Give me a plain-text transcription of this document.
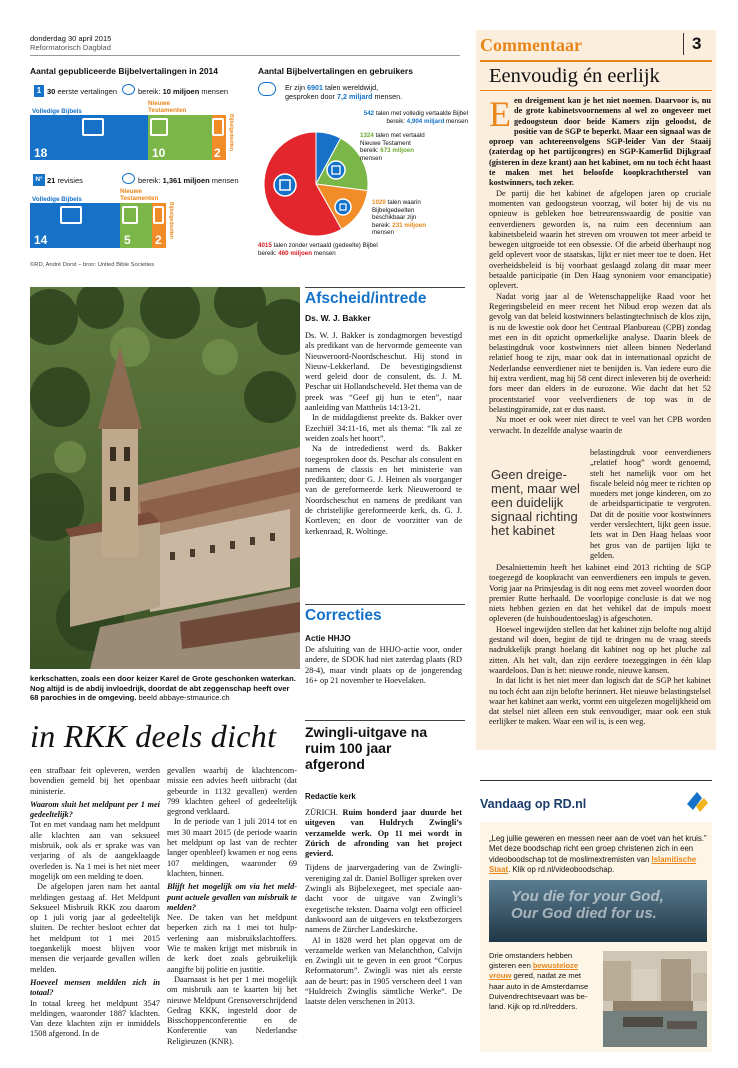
donderdag 30 april 2015
Reformatorisch Dagblad
Aantal gepubliceerde Bijbelvertalingen in 2014
1 30 eerste vertalingen	bereik: 10 miljoen mensen
Volledige Bijbels
Nieuwe Testamenten
18	10	2
Bijbelgedeelten
N° 21 revisies	bereik: 1,361 miljoen mensen
Volledige Bijbels
Nieuwe Testamenten
14	5 2
Bijbelgedeelten
©RD, André Dorst – bron: United Bible Societies
Aantal Bijbelvertalingen en gebruikers
Er zijn 6901 talen wereldwijd,
gesproken door 7,2 miljard mensen.
542 talen met volledig vertaalde Bijbel
bereik: 4,904 miljard mensen
1324 talen met vertaald
Nieuwe Testament
bereik: 673 miljoen
mensen
1020 talen waarin
Bijbelgedeelten
beschikbaar zijn
bereik: 231 miljoen
mensen
4015 talen zonder vertaald (gedeelte) Bijbel
bereik: 460 miljoen mensen
kerkschatten, zoals een door keizer Karel de Grote geschonken waterkan. Nog altijd is de abdij invloedrijk, doordat de abt zeggenschap heeft over 68 parochies in de omgeving. beeld abbaye-stmaurice.ch
Afscheid/intrede
Ds. W. J. Bakker

Ds. W. J. Bakker is zondagmorgen bevestigd als predikant van de hervormde gemeente van Nieuweroord-Noordscheschut. Hij stond in Nieuw-Lekkerland. De bevestigingsdienst werd geleid door de consulent, ds. J. M. Peschar uit Hollandscheveld. Het thema van de preek was “Geef gij hun te eten”, naar aanleiding van Mattheüs 14:13-21.

In de middagdienst preekte ds. Bakker over Ezechiël 34:11-16, met als thema: “Ik zal ze weiden zoals het hoort”.

Na de intrededienst werd ds. Bakker toegesproken door ds. Peschar als consulent en namens de classis en het ministerie van predikanten; door G. J. Heinen als voorganger van de gereformeerde kerk Nieuweroord te Noordscheschut en namens de predikant van de christelijke gereformeerde kerk, ds. G. J. Kortleven; en door de voorzitter van de kerkenraad, R. Woltinge.

Correcties
Actie HHJO

De afsluiting van de HHJO-actie voor, onder andere, de SDOK had niet zaterdag plaats (RD 28-4), maar vindt plaats op de jongerendag 16+ op 21 november te Hoevelaken.

in RKK deels dicht

een strafbaar feit opleveren, werden bovendien gemeld bij het openbaar ministerie.

Waarom sluit het meldpunt per 1 mei gedeeltelijk?

Tot en met vandaag nam het meldpunt alle klachten aan van seksueel misbruik, ook als er sprake was van verjaring of als de aangeklaagde overleden is. Na 1 mei is het niet meer mogelijk om een melding te doen.

De afgelopen jaren nam het aantal meldingen gestaag af. Het Meldpunt Seksueel Misbruik RKK zou daarom op 1 juli vorig jaar al gedeeltelijk sluiten. De rechter besloot echter dat het meldpunt tot 1 mei 2015 toegankelijk moest blijven voor mensen die verjaarde gevallen willen melden.

Hoeveel mensen meldden zich in totaal?

In totaal kreeg het meldpunt 3547 meldingen, waaronder 1887 klachten. Van deze klachten zijn er inmiddels 1508 afgerond. In de

gevallen waarbij de klachtencommissie een advies heeft uitbracht (dat gebeurde in 1132 gevallen) werden 799 klachten geheel of gedeeltelijk gegrond verklaard.

In de periode van 1 juli 2014 tot en met 30 maart 2015 (de periode waarin het meldpunt op last van de rechter langer openbleef) kwamen er nog eens 107 meldingen, waaronder 69 klachten, binnen.

Blijft het mogelijk om via het meldpunt actuele gevallen van misbruik te melden?

Nee. De taken van het meldpunt beperken zich na 1 mei tot hulpverlening aan misbruikslachtoffers. Wie te maken krijgt met misbruik in de kerk doet zoals gebruikelijk aangifte bij politie en justitie.

Daarnaast is het per 1 mei mogelijk om misbruik aan te kaarten bij het nieuwe Meldpunt Grensoverschrijdend Gedrag KKK, ingesteld door de Bisschoppenconferentie en de Konferentie van Nederlandse Religieuzen (KNR).

Zwingli-uitgave na ruim 100 jaar afgerond
Redactie kerk

ZÜRICH. Ruim honderd jaar duurde het uitgeven van Huldrych Zwingli’s verzamelde werk. Op 11 mei wordt in Zürich de afronding van het project gevierd.

Tijdens de jaarvergadering van de Zwingli-vereniging zal dr. Daniel Bolliger spreken over Zwingli als Bijbelexegeet, met speciale aandacht voor de uitgave van Zwingli’s exegetische teksten. Daarna volgt een officieel dankwoord aan de uitgevers en tekstbezorgers namens de Zürcher Landeskirche.

Al in 1828 werd het plan opgevat om de verzamelde werken van Melanchthon, Calvijn en Zwingli uit te geven in een groot “Corpus Reformatorum”. Zwingli was niet als eerste aan de beurt: pas in 1905 verscheen deel 1 van “Huldreich Zwinglis sämtliche Werke”. De laatste delen verschenen in 2013.

Commentaar	3
Eenvoudig én eerlijk

Een dreigement kan je het niet noemen. Daarvoor is, nu de grote kabinetsvoornemens al wel zo ongeveer met gedoogsteun door beide Kamers zijn geloodst, de positie van de SGP te beperkt. Maar een signaal was de oproep van achtereenvolgens SGP-leider Van der Staaij (zaterdag op het partijcongres) en SGP-Kamerlid Dijkgraaf (gisteren in deze krant) aan het kabinet, om nu toch écht haast te maken met het beloofde koopkrachtherstel van kostwinners, toch zeker.

De partij die het kabinet de afgelopen jaren op cruciale momenten van gedoogsteun voorzag, wil boter bij de vis nu opnieuw is gebleken hoe betreurenswaardig de positie van eenverdieners geworden is, na ruim een decennium aan kabinetsbeleid waarin het streven om vrouwen tot meer arbeid te bewegen uitgroeide tot een obsessie. Of die arbeid überhaupt nog geld oplevert voor de staatskas, lijkt er niet meer toe te doen. Het overheidsbeleid is bij voorbaat geslaagd zolang dit maar meer betaalde participatie (in Den Haag synoniem voor emancipatie) oplevert.

Nadat vorig jaar al de Wetenschappelijke Raad voor het Regeringsbeleid en meer recent het Nibud erop wezen dat als gevolg van dat beleid kostwinners belastingtechnisch de klos zijn, is nu de kwestie ook door het Centraal Planbureau (CPB) zondag met een in dit opzicht opmerkelijke analyse. Daarin bleek de belastingdruk voor kostwinners niet alleen binnen Nederland relatief hoog te zijn, maar ook dat in internationaal opzicht de Nederlandse eenverdiener niet te benijden is. Van iedere euro die hij extra verdient, mag hij 58 cent direct inleveren bij de overheid: fors meer dan elders in de eurozone. Wie dacht dat het 52 procentstarief voor veelverdieners de top was in de belastingpiramide, zat er dus naast.

Nu moet er ook weer niet direct te veel van het CPB worden verwacht. In dezelfde analyse waarin de

Geen dreigement, maar wel een duidelijk signaal richting het kabinet

belastingdruk voor eenverdieners „relatief hoog” wordt genoemd, stelt het namelijk voor om het fiscale beleid nóg meer te richten op moeders met jonge kinderen, om zo de arbeidsparticipatie te vergroten. Dat dit de positie voor kostwinners verder verslechtert, lijkt geen issue. Iets wat in Den Haag helaas voor het gros van de partijen lijkt te gelden.

Desalniettemin heeft het kabinet eind 2013 richting de SGP toegezegd de koopkracht van eenverdieners een impuls te geven. Vorig jaar na Prinsjesdag is dit nog eens met zoveel woorden door premier Rutte herhaald. De voorlopige conclusie is dat we nog niets hebben gezien en dat het vehikel dat de impuls moest opleveren (de huishoudentoeslag) is afgeschoten.

Hoewel ingewijden stellen dat het kabinet zijn belofte nog altijd gestand wil doen, begint de tijd te dringen nu de vraag steeds nadrukkelijk prangt hoelang dit kabinet nog op het pluche zal zitten. Als het valt, dan zijn eerdere toezeggingen in één klap waardeloos. Dan is het: nieuwe ronde, nieuwe kansen.

In dat licht is het niet meer dan logisch dat de SGP het kabinet nu toch écht aan zijn belofte herinnert. Het nieuwe belastingstelsel waar het kabinet aan werkt, vormt een uitgelezen mogelijkheid om dat stelsel niet alleen een stuk eenvoudiger, maar ook een stuk eerlijker te maken. Waar een wil is, is een weg.

Vandaag op RD.nl
„Leg jullie geweren en messen neer aan de voet van het kruis.” Met deze boodschap richt een groep christenen zich in een videoboodschap tot de moslimextremisten van Islamitische Staat. Klik op rd.nl/videoboodschap.
You die for your God,
Our God died for us.
Drie omstanders hebben gisteren een bewusteloze vrouw gered, nadat ze met haar auto in de Amsterdamse Duivendrechtsevaart was beland. Kijk op rd.nl/redders.
